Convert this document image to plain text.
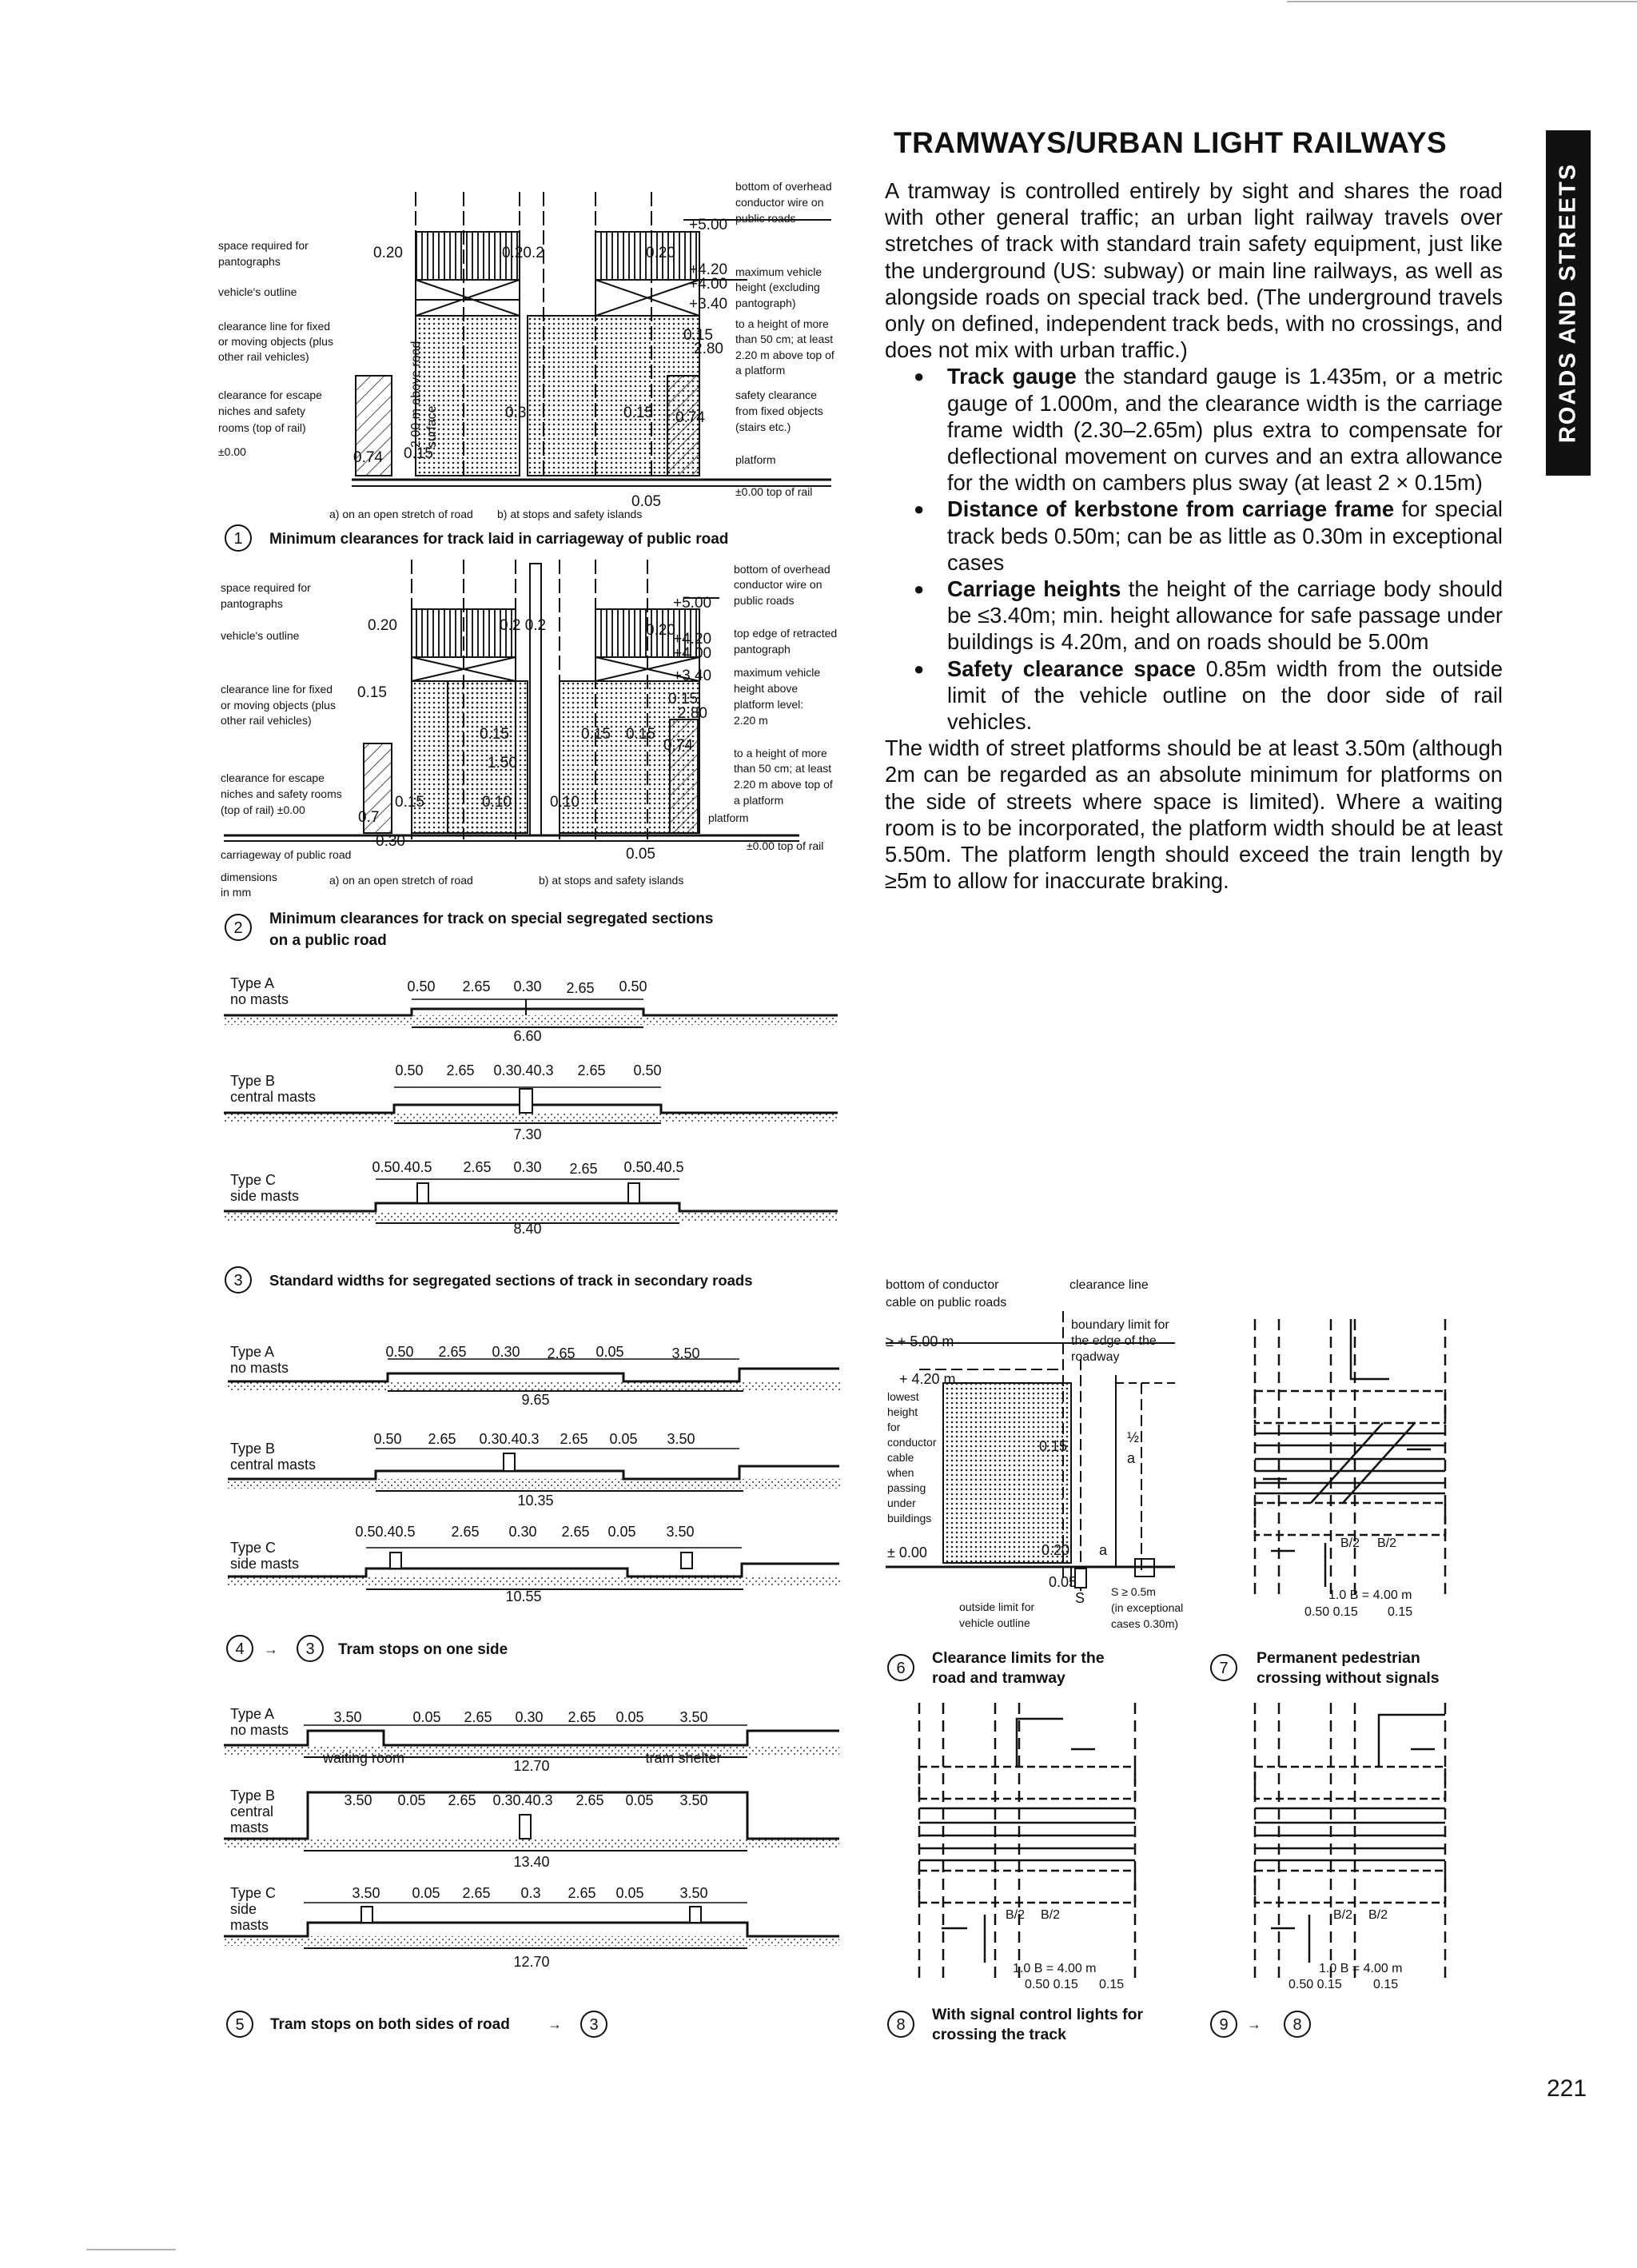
TRAMWAYS/URBAN LIGHT RAILWAYS
ROADS AND STREETS

A tramway is controlled entirely by sight and shares the road with other general traffic; an urban light railway travels over stretches of track with standard train safety equipment, just like the underground (US: subway) or main line railways, as well as alongside roads on special track bed. (The underground travels only on defined, independent track beds, with no crossings, and does not mix with urban traffic.)

● Track gauge the standard gauge is 1.435m, or a metric gauge of 1.000m, and the clearance width is the carriage frame width (2.30–2.65m) plus extra to compensate for deflectional movement on curves and an extra allowance for the width on cambers plus sway (at least 2 × 0.15m)
● Distance of kerbstone from carriage frame for special track beds 0.50m; can be as little as 0.30m in exceptional cases
● Carriage heights the height of the carriage body should be ≤3.40m; min. height allowance for safe passage under buildings is 4.20m, and on roads should be 5.00m
● Safety clearance space 0.85m width from the outside limit of the vehicle outline on the door side of rail vehicles.

The width of street platforms should be at least 3.50m (although 2m can be regarded as an absolute minimum for platforms on the side of streets where space is limited). Where a waiting room is to be incorporated, the platform width should be at least 5.50m. The platform length should exceed the train length by ≥5m to allow for inaccurate braking.

221
space required for
pantographs
vehicle's outline
clearance line for fixed
or moving objects (plus
other rail vehicles)
clearance for escape
niches and safety
rooms (top of rail)
±0.00
bottom of overhead
conductor wire on
public roads
maximum vehicle
height (excluding
pantograph)
to a height of more
than 50 cm; at least
2.20 m above top of
a platform
safety clearance
from fixed objects
(stairs etc.)
platform
±0.00 top of rail
0.20	0.20.2	0.20
+5.00
+4.20
+4.00
+3.40
0.15
2.80
0.74
0.15
0.3
0.74 0.15
0.05
2.00 m above road surface
a) on an open stretch of road b) at stops and safety islands
1 Minimum clearances for track laid in carriageway of public road
space required for
pantographs
vehicle's outline
clearance line for fixed
or moving objects (plus
other rail vehicles)
clearance for escape
niches and safety rooms
(top of rail) ±0.00
carriageway of public road
dimensions
in mm
bottom of overhead
conductor wire on
public roads
top edge of retracted
pantograph
maximum vehicle
height above
platform level:
2.20 m
to a height of more
than 50 cm; at least
2.20 m above top of
a platform
platform
±0.00 top of rail
0.20	0.2 0.2	0.20
+5.00
+4.20
+4.00
+3.40
0.15
2.80
0.74
0.15
0.15	0.15 0.15
1.50
0.15	0.10	0.10
0.7
0.30
0.05
a) on an open stretch of road	b) at stops and safety islands
2
Minimum clearances for track on special segregated sections
on a public road
Type A
no masts
0.50 2.65 0.30 2.65 0.50
6.60
Type B
central masts
0.50 2.65 0.30.40.3 2.65 0.50
7.30
Type C
side masts
0.50.40.5 2.65 0.30 2.65 0.50.40.5
8.40
3 Standard widths for segregated sections of track in secondary roads
Type A
no masts
0.50 2.65 0.30 2.65 0.05	3.50
9.65
Type B
central masts
0.50 2.65 0.30.40.3 2.65 0.05 3.50
10.35
Type C
side masts
0.50.40.5 2.65 0.30 2.65 0.05 3.50
10.55
4 → 3 Tram stops on one side
Type A
no masts
3.50	0.05 2.65 0.30 2.65 0.05 3.50
12.70
waiting room	tram shelter
Type B
central
masts
3.50 0.05 2.65 0.30.40.3 2.65 0.05 3.50
13.40
Type C
side
masts
3.50 0.05 2.65 0.3 2.65 0.05 3.50
12.70
5 Tram stops on both sides of road	→ 3
bottom of conductor
cable on public roads
clearance line
boundary limit for
the edge of the
roadway
lowest
height
for
conductor
cable
when
passing
under
buildings
outside limit for
vehicle outline
S ≥ 0.5m
(in exceptional
cases 0.30m)
≥ + 5.00 m
+ 4.20 m
± 0.00
0.15
0.20
0.05
S
a
½
a
6
Clearance limits for the
road and tramway
B/2 B/2
1.0 B = 4.00 m
0.50 0.15 0.15
7
Permanent pedestrian
crossing without signals
B/2 B/2
1.0 B = 4.00 m
0.50 0.15 0.15
8
With signal control lights for
crossing the track
B/2 B/2
1.0 B = 4.00 m
0.50 0.15 0.15
9 → 8
